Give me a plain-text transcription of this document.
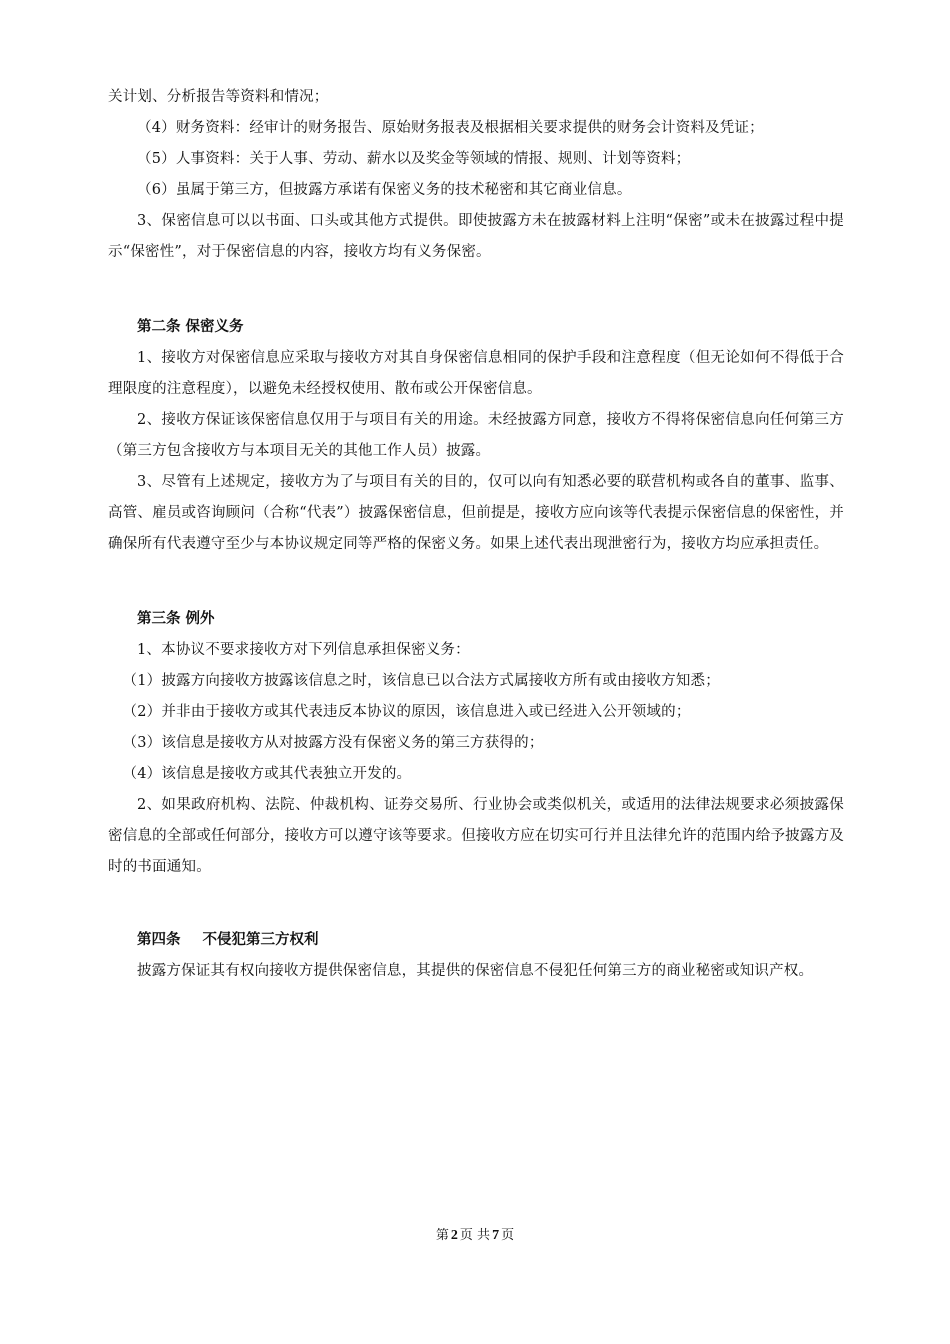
关计划、分析报告等资料和情况；

（4）财务资料：经审计的财务报告、原始财务报表及根据相关要求提供的财务会计资料及凭证；

（5）人事资料：关于人事、劳动、薪水以及奖金等领域的情报、规则、计划等资料；

（6）虽属于第三方，但披露方承诺有保密义务的技术秘密和其它商业信息。

3、保密信息可以以书面、口头或其他方式提供。即使披露方未在披露材料上注明“保密”或未在披露过程中提示“保密性”，对于保密信息的内容，接收方均有义务保密。

第二条 保密义务

1、接收方对保密信息应采取与接收方对其自身保密信息相同的保护手段和注意程度（但无论如何不得低于合理限度的注意程度），以避免未经授权使用、散布或公开保密信息。

2、接收方保证该保密信息仅用于与项目有关的用途。未经披露方同意，接收方不得将保密信息向任何第三方（第三方包含接收方与本项目无关的其他工作人员）披露。

3、尽管有上述规定，接收方为了与项目有关的目的，仅可以向有知悉必要的联营机构或各自的董事、监事、高管、雇员或咨询顾问（合称“代表”）披露保密信息，但前提是，接收方应向该等代表提示保密信息的保密性，并确保所有代表遵守至少与本协议规定同等严格的保密义务。如果上述代表出现泄密行为，接收方均应承担责任。

第三条 例外

1、本协议不要求接收方对下列信息承担保密义务：

（1）披露方向接收方披露该信息之时，该信息已以合法方式属接收方所有或由接收方知悉；

（2）并非由于接收方或其代表违反本协议的原因，该信息进入或已经进入公开领域的；

（3）该信息是接收方从对披露方没有保密义务的第三方获得的；

（4）该信息是接收方或其代表独立开发的。

2、如果政府机构、法院、仲裁机构、证券交易所、行业协会或类似机关，或适用的法律法规要求必须披露保密信息的全部或任何部分，接收方可以遵守该等要求。但接收方应在切实可行并且法律允许的范围内给予披露方及时的书面通知。

第四条 不侵犯第三方权利

披露方保证其有权向接收方提供保密信息，其提供的保密信息不侵犯任何第三方的商业秘密或知识产权。

第 2 页 共 7 页
